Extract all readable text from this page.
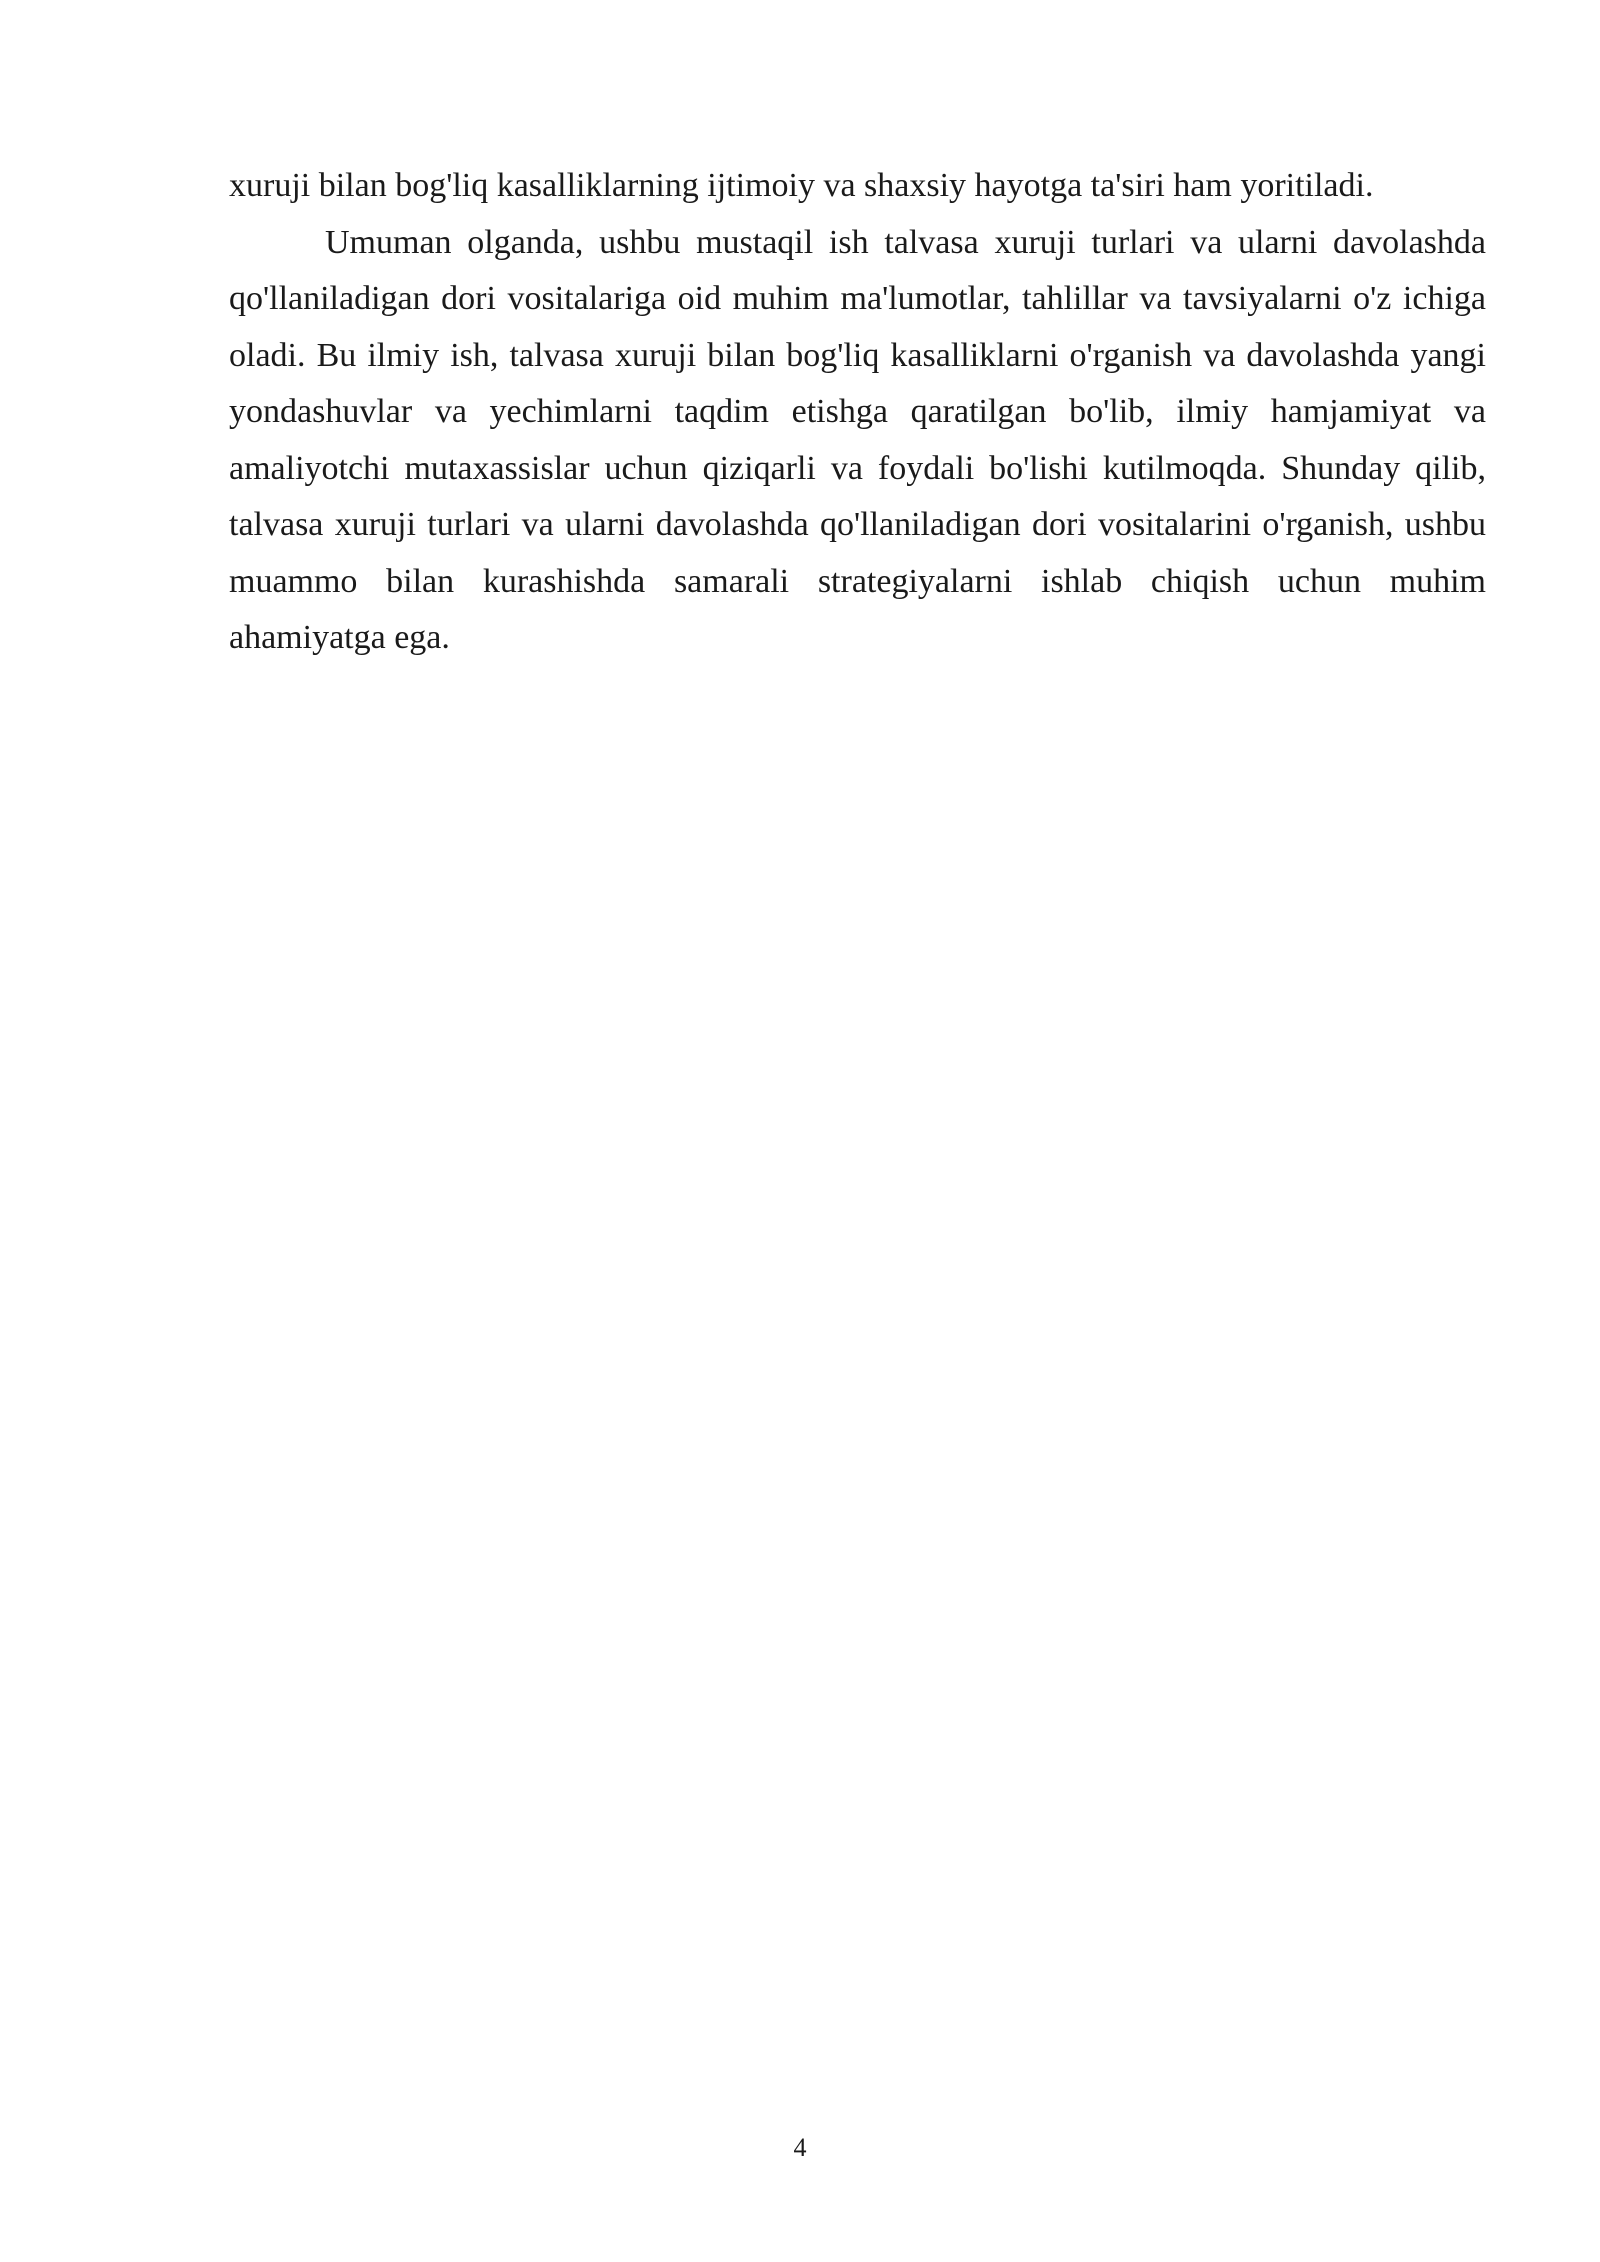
xuruji bilan bog'liq kasalliklarning ijtimoiy va shaxsiy hayotga ta'siri ham yoritiladi.

Umuman olganda, ushbu mustaqil ish talvasa xuruji turlari va ularni davolashda qo'llaniladigan dori vositalariga oid muhim ma'lumotlar, tahlillar va tavsiyalarni o'z ichiga oladi. Bu ilmiy ish, talvasa xuruji bilan bog'liq kasalliklarni o'rganish va davolashda yangi yondashuvlar va yechimlarni taqdim etishga qaratilgan bo'lib, ilmiy hamjamiyat va amaliyotchi mutaxassislar uchun qiziqarli va foydali bo'lishi kutilmoqda. Shunday qilib, talvasa xuruji turlari va ularni davolashda qo'llaniladigan dori vositalarini o'rganish, ushbu muammo bilan kurashishda samarali strategiyalarni ishlab chiqish uchun muhim ahamiyatga ega.

4
